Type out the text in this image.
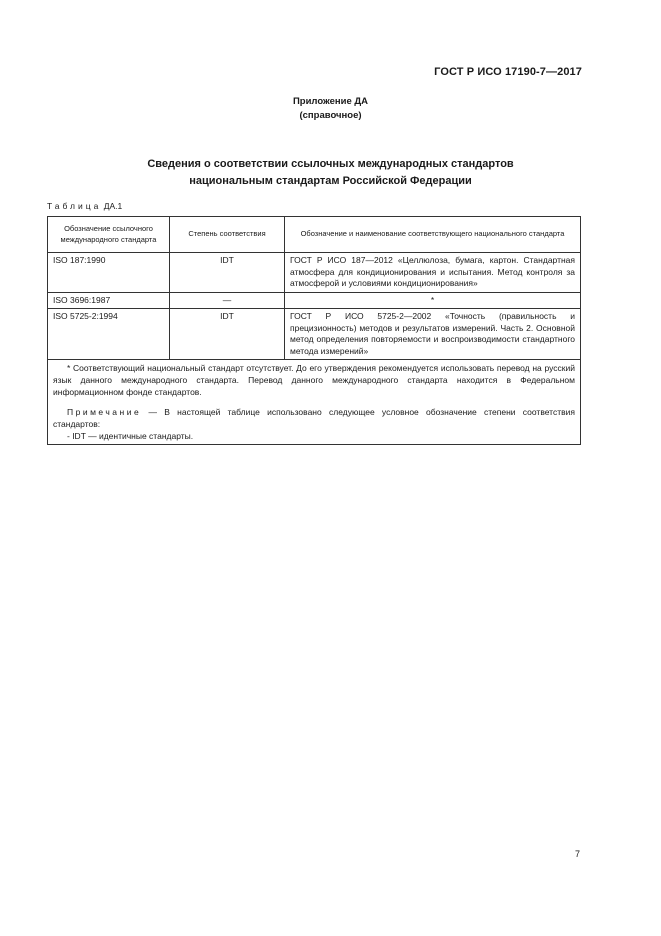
ГОСТ Р ИСО 17190-7—2017
Приложение ДА
(справочное)
Сведения о соответствии ссылочных международных стандартов
национальным стандартам Российской Федерации
Таблица ДА.1
Обозначение ссылочного международного стандарта	Степень соответствия	Обозначение и наименование соответствующего национального стандарта
ISO 187:1990	IDT	ГОСТ Р ИСО 187—2012 «Целлюлоза, бумага, картон. Стандартная атмосфера для кондиционирования и испытания. Метод контроля за атмосферой и условиями кондиционирования»
ISO 3696:1987	—	*
ISO 5725-2:1994	IDT	ГОСТ Р ИСО 5725-2—2002 «Точность (правильность и прецизионность) методов и результатов измерений. Часть 2. Основной метод определения повторяемости и воспроизводимости стандартного метода измерений»

* Соответствующий национальный стандарт отсутствует. До его утверждения рекомендуется использовать перевод на русский язык данного международного стандарта. Перевод данного международного стандарта находится в Федеральном информационном фонде стандартов.

Примечание — В настоящей таблице использовано следующее условное обозначение степени соответствия стандартов:

- IDT — идентичные стандарты.		

7
